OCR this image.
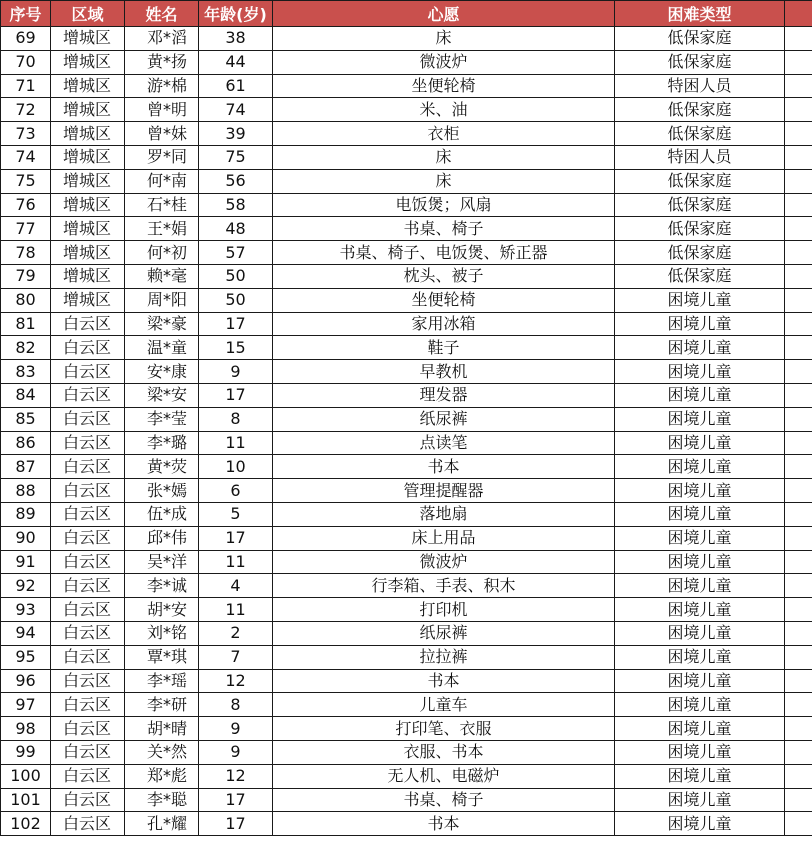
序号	区域	姓名	年龄(岁)	心愿	困难类型	
69	增城区	邓*滔	38	床	低保家庭	
70	增城区	黄*扬	44	微波炉	低保家庭	
71	增城区	游*棉	61	坐便轮椅	特困人员	
72	增城区	曾*明	74	米、油	低保家庭	
73	增城区	曾*妹	39	衣柜	低保家庭	
74	增城区	罗*同	75	床	特困人员	
75	增城区	何*南	56	床	低保家庭	
76	增城区	石*桂	58	电饭煲；风扇	低保家庭	
77	增城区	王*娟	48	书桌、椅子	低保家庭	
78	增城区	何*初	57	书桌、椅子、电饭煲、矫正器	低保家庭	
79	增城区	赖*毫	50	枕头、被子	低保家庭	
80	增城区	周*阳	50	坐便轮椅	困境儿童	
81	白云区	梁*豪	17	家用冰箱	困境儿童	
82	白云区	温*童	15	鞋子	困境儿童	
83	白云区	安*康	9	早教机	困境儿童	
84	白云区	梁*安	17	理发器	困境儿童	
85	白云区	李*莹	8	纸尿裤	困境儿童	
86	白云区	李*璐	11	点读笔	困境儿童	
87	白云区	黄*荧	10	书本	困境儿童	
88	白云区	张*嫣	6	管理提醒器	困境儿童	
89	白云区	伍*成	5	落地扇	困境儿童	
90	白云区	邱*伟	17	床上用品	困境儿童	
91	白云区	吴*洋	11	微波炉	困境儿童	
92	白云区	李*诚	4	行李箱、手表、积木	困境儿童	
93	白云区	胡*安	11	打印机	困境儿童	
94	白云区	刘*铭	2	纸尿裤	困境儿童	
95	白云区	覃*琪	7	拉拉裤	困境儿童	
96	白云区	李*瑶	12	书本	困境儿童	
97	白云区	李*研	8	儿童车	困境儿童	
98	白云区	胡*晴	9	打印笔、衣服	困境儿童	
99	白云区	关*然	9	衣服、书本	困境儿童	
100	白云区	郑*彪	12	无人机、电磁炉	困境儿童	
101	白云区	李*聪	17	书桌、椅子	困境儿童	
102	白云区	孔*耀	17	书本	困境儿童	
